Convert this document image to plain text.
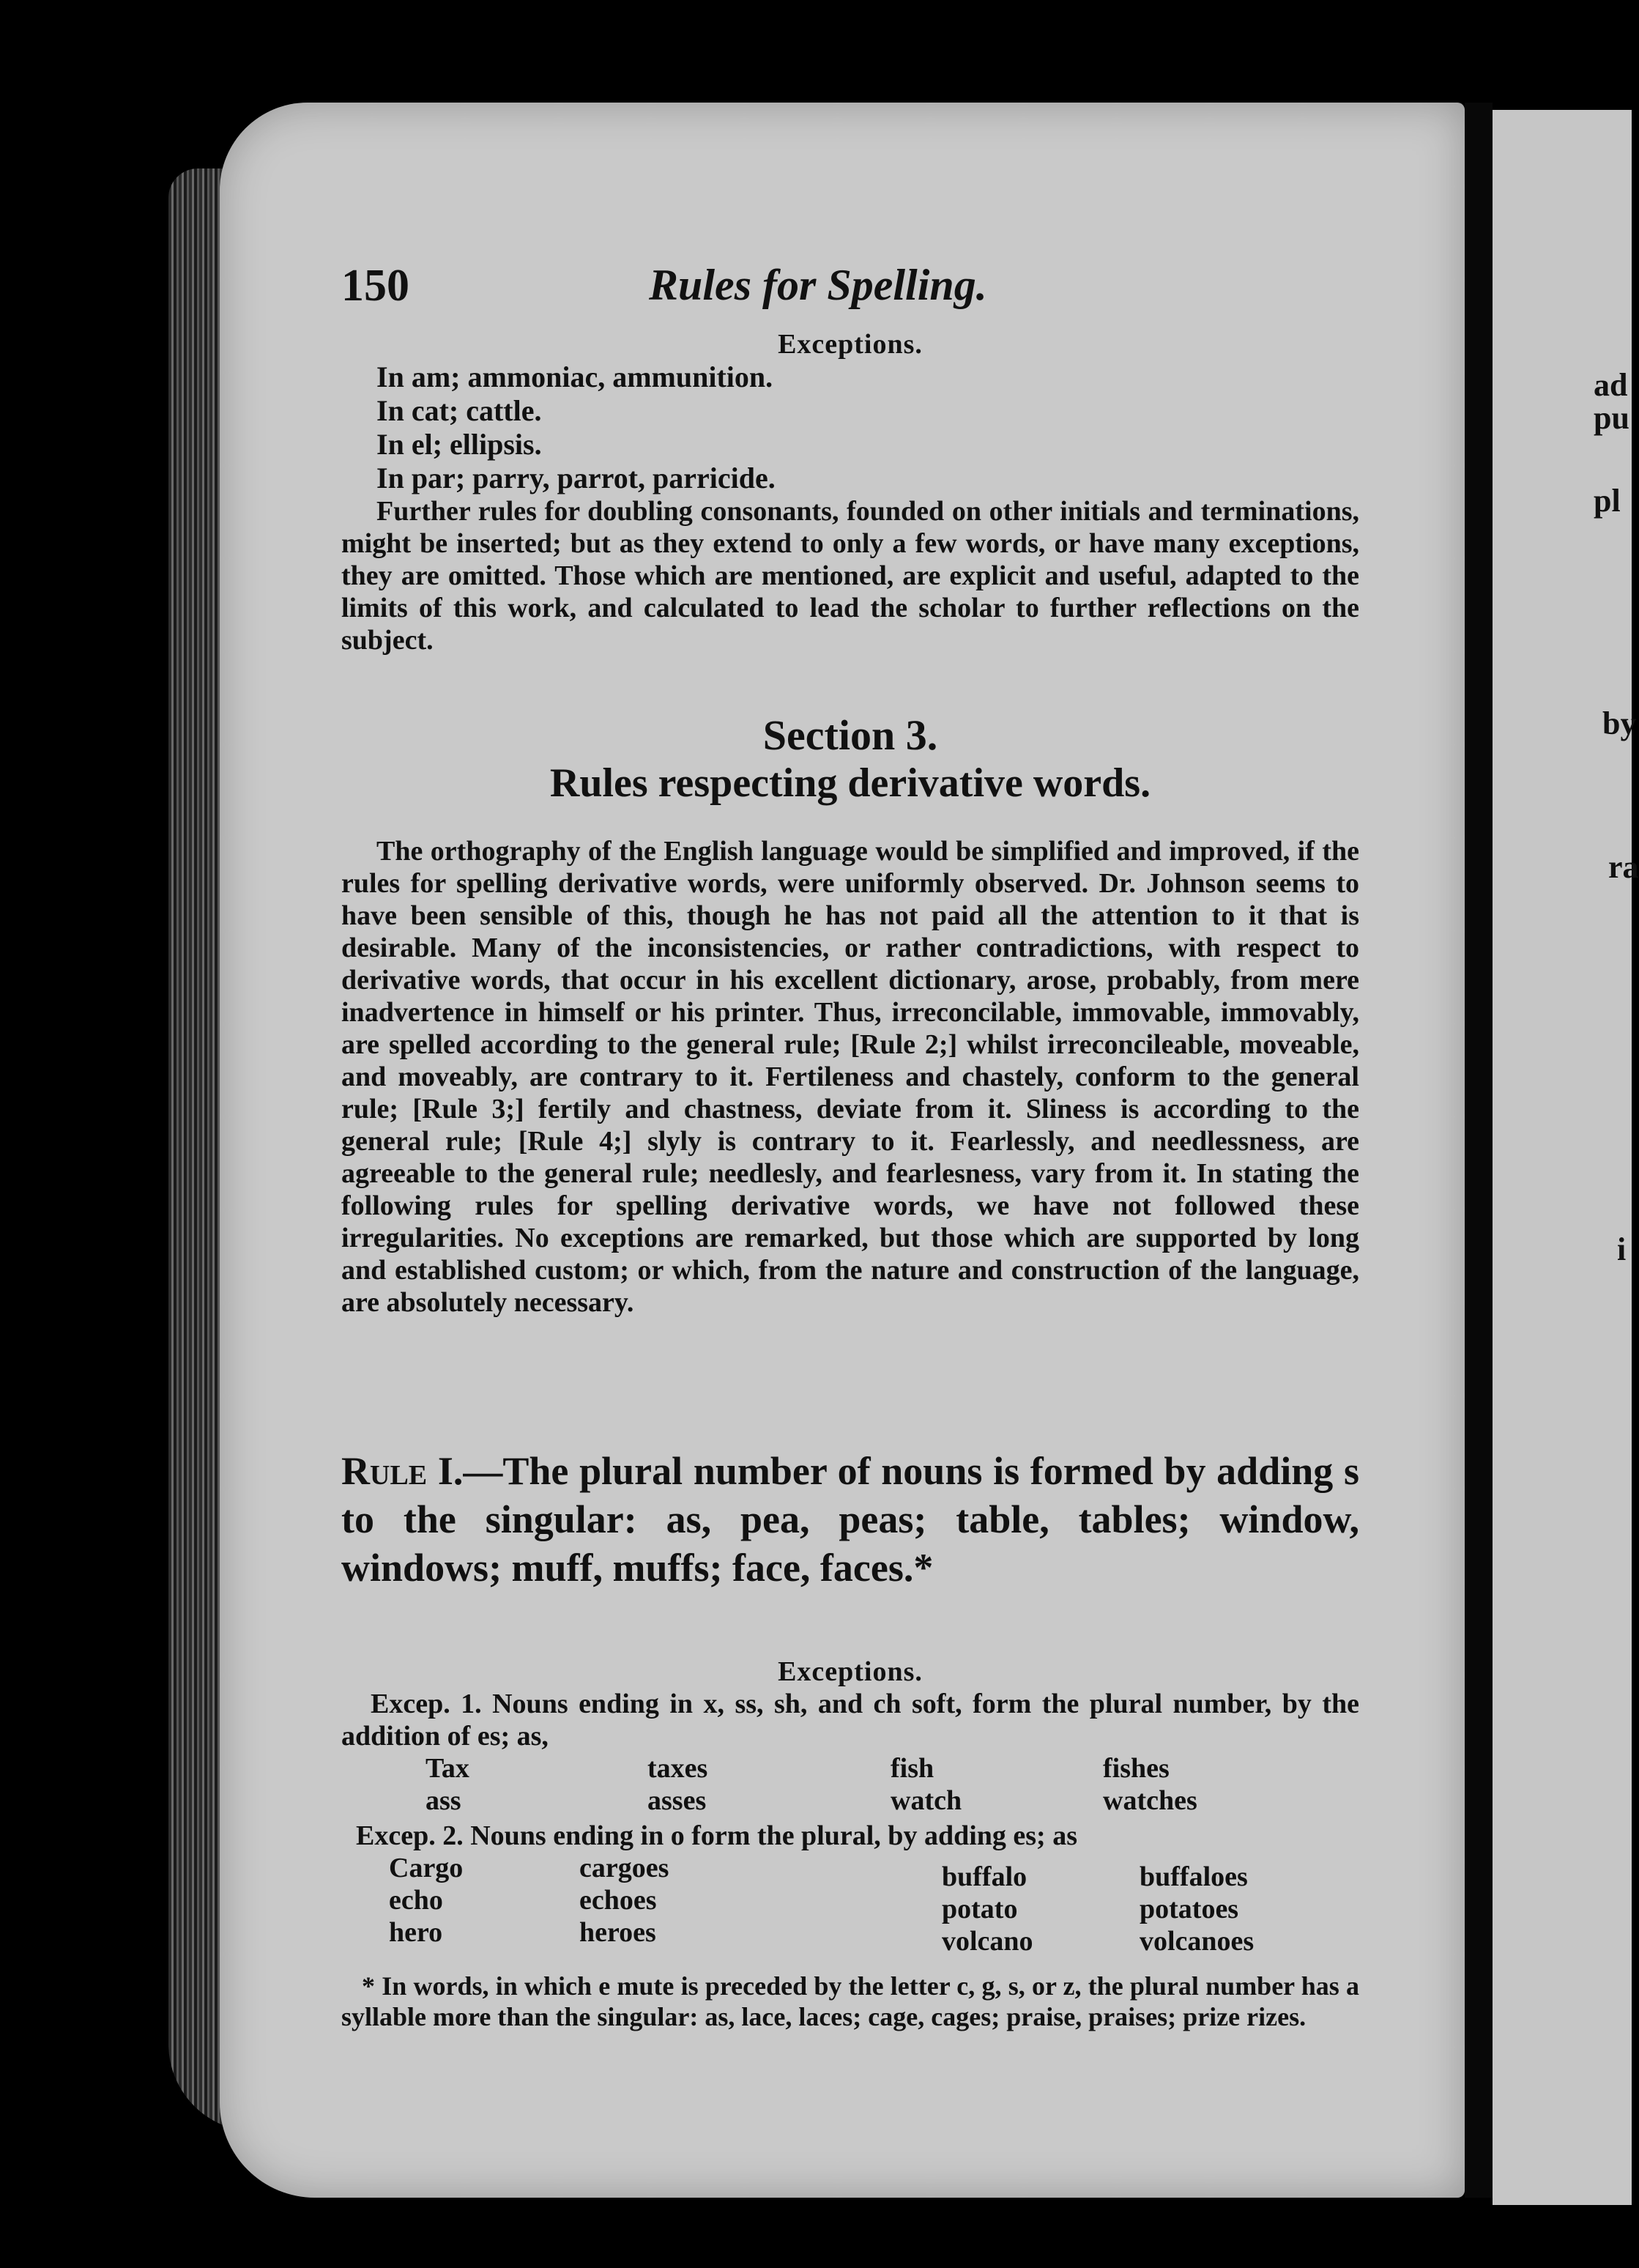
ad
pu
pl
by
ra
i
150	Rules for Spelling.
Exceptions.
In am; ammoniac, ammunition.
In cat; cattle.
In el; ellipsis.
In par; parry, parrot, parricide.

Further rules for doubling consonants, founded on other initials and terminations, might be inserted; but as they extend to only a few words, or have many exceptions, they are omitted. Those which are mentioned, are explicit and useful, adapted to the limits of this work, and calculated to lead the scholar to further reflections on the subject.

Section 3.
Rules respecting derivative words.

The orthography of the English language would be simplified and improved, if the rules for spelling derivative words, were uniformly observed. Dr. Johnson seems to have been sensible of this, though he has not paid all the attention to it that is desirable. Many of the inconsistencies, or rather contradictions, with respect to derivative words, that occur in his excellent dictionary, arose, probably, from mere inadvertence in himself or his printer. Thus, irreconcilable, immovable, immovably, are spelled according to the general rule; [Rule 2;] whilst irreconcileable, moveable, and moveably, are contrary to it. Fertileness and chastely, conform to the general rule; [Rule 3;] fertily and chastness, deviate from it. Sliness is according to the general rule; [Rule 4;] slyly is contrary to it. Fearlessly, and needlessness, are agreeable to the general rule; needlesly, and fearlesness, vary from it. In stating the following rules for spelling derivative words, we have not followed these irregularities. No exceptions are remarked, but those which are supported by long and established custom; or which, from the nature and construction of the language, are absolutely necessary.

Rule I.—The plural number of nouns is formed by adding s to the singular: as, pea, peas; table, tables; window, windows; muff, muffs; face, faces.*

Exceptions.

Excep. 1. Nouns ending in x, ss, sh, and ch soft, form the plural number, by the addition of es; as,

Tax	taxes	fish	fishes
ass	asses	watch	watches

Excep. 2. Nouns ending in o form the plural, by adding es; as

Cargo	cargoes	buffalo	buffaloes
echo	echoes	potato	potatoes
hero	heroes	volcano	volcanoes

* In words, in which e mute is preceded by the letter c, g, s, or z, the plural number has a syllable more than the singular: as, lace, laces; cage, cages; praise, praises; prize rizes.
